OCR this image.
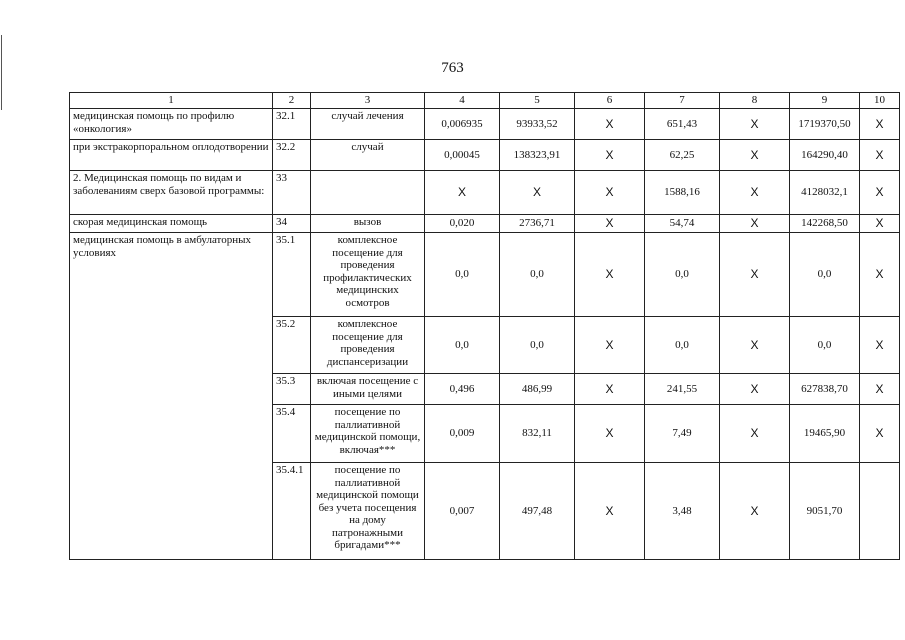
763
1	2	3	4	5	6	7	8	9	10
медицинская помощь по профилю «онкология»	32.1	случай лечения	0,006935	93933,52	Х	651,43	Х	1719370,50	Х
при экстракорпоральном оплодотворении	32.2	случай	0,00045	138323,91	Х	62,25	Х	164290,40	Х
2. Медицинская помощь по видам и заболеваниям сверх базовой программы:	33		Х	Х	Х	1588,16	Х	4128032,1	Х
скорая медицинская помощь	34	вызов	0,020	2736,71	Х	54,74	Х	142268,50	Х
медицинская помощь в амбулаторных условиях	35.1	комплексное посещение для проведения профилактических медицинских осмотров	0,0	0,0	Х	0,0	Х	0,0	Х
	35.2	комплексное посещение для проведения диспансеризации	0,0	0,0	Х	0,0	Х	0,0	Х
	35.3	включая посещение с иными целями	0,496	486,99	Х	241,55	Х	627838,70	Х
	35.4	посещение по паллиативной медицинской помощи, включая***	0,009	832,11	Х	7,49	Х	19465,90	Х
	35.4.1	посещение по паллиативной медицинской помощи без учета посещения на дому патронажными бригадами***	0,007	497,48	Х	3,48	Х	9051,70	
